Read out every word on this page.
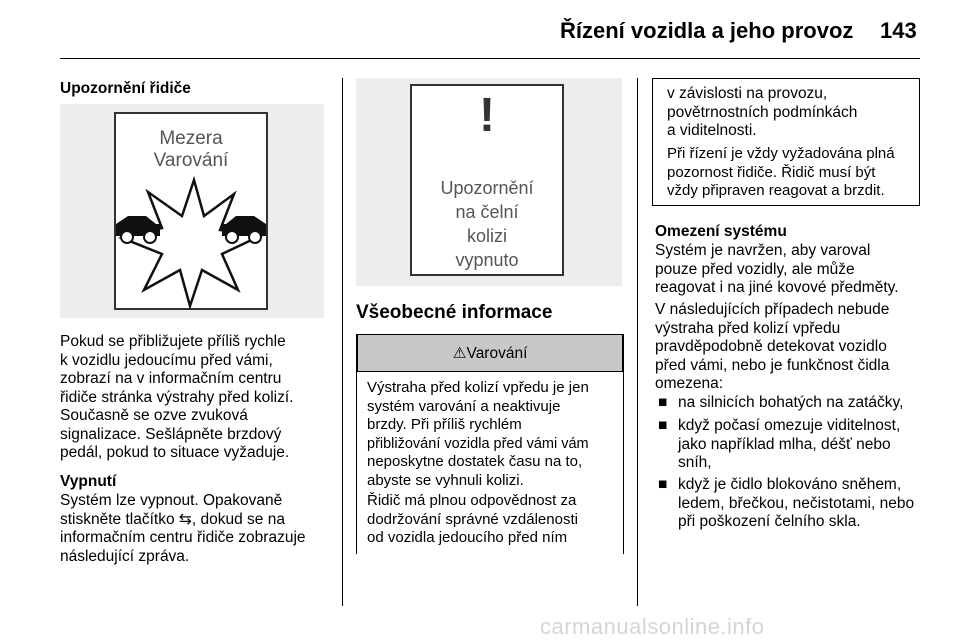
Řízení vozidla a jeho provoz	143
Upozornění řidiče
Mezera
Varování
Pokud se přibližujete příliš rychle
k vozidlu jedoucímu před vámi,
zobrazí na v informačním centru
řidiče stránka výstrahy před kolizí.
Současně se ozve zvuková
signalizace. Sešlápněte brzdový
pedál, pokud to situace vyžaduje.
Vypnutí
Systém lze vypnout. Opakovaně
stiskněte tlačítko ⇆, dokud se na
informačním centru řidiče zobrazuje
následující zpráva.
!
Upozornění
na čelní
kolizi
vypnuto
Všeobecné informace
⚠Varování
Výstraha před kolizí vpředu je jen
systém varování a neaktivuje
brzdy. Při příliš rychlém
přibližování vozidla před vámi vám
neposkytne dostatek času na to,
abyste se vyhnuli kolizi.
Řidič má plnou odpovědnost za
dodržování správné vzdálenosti
od vozidla jedoucího před ním
v závislosti na provozu,
povětrnostních podmínkách
a viditelnosti.
Při řízení je vždy vyžadována plná
pozornost řidiče. Řidič musí být
vždy připraven reagovat a brzdit.
Omezení systému
Systém je navržen, aby varoval
pouze před vozidly, ale může
reagovat i na jiné kovové předměty.
V následujících případech nebude
výstraha před kolizí vpředu
pravděpodobně detekovat vozidlo
před vámi, nebo je funkčnost čidla
omezena:
■ na silnicích bohatých na zatáčky,
■ když počasí omezuje viditelnost,
jako například mlha, déšť nebo
sníh,
■ když je čidlo blokováno sněhem,
ledem, břečkou, nečistotami, nebo
při poškození čelního skla.
carmanualsonline.info
